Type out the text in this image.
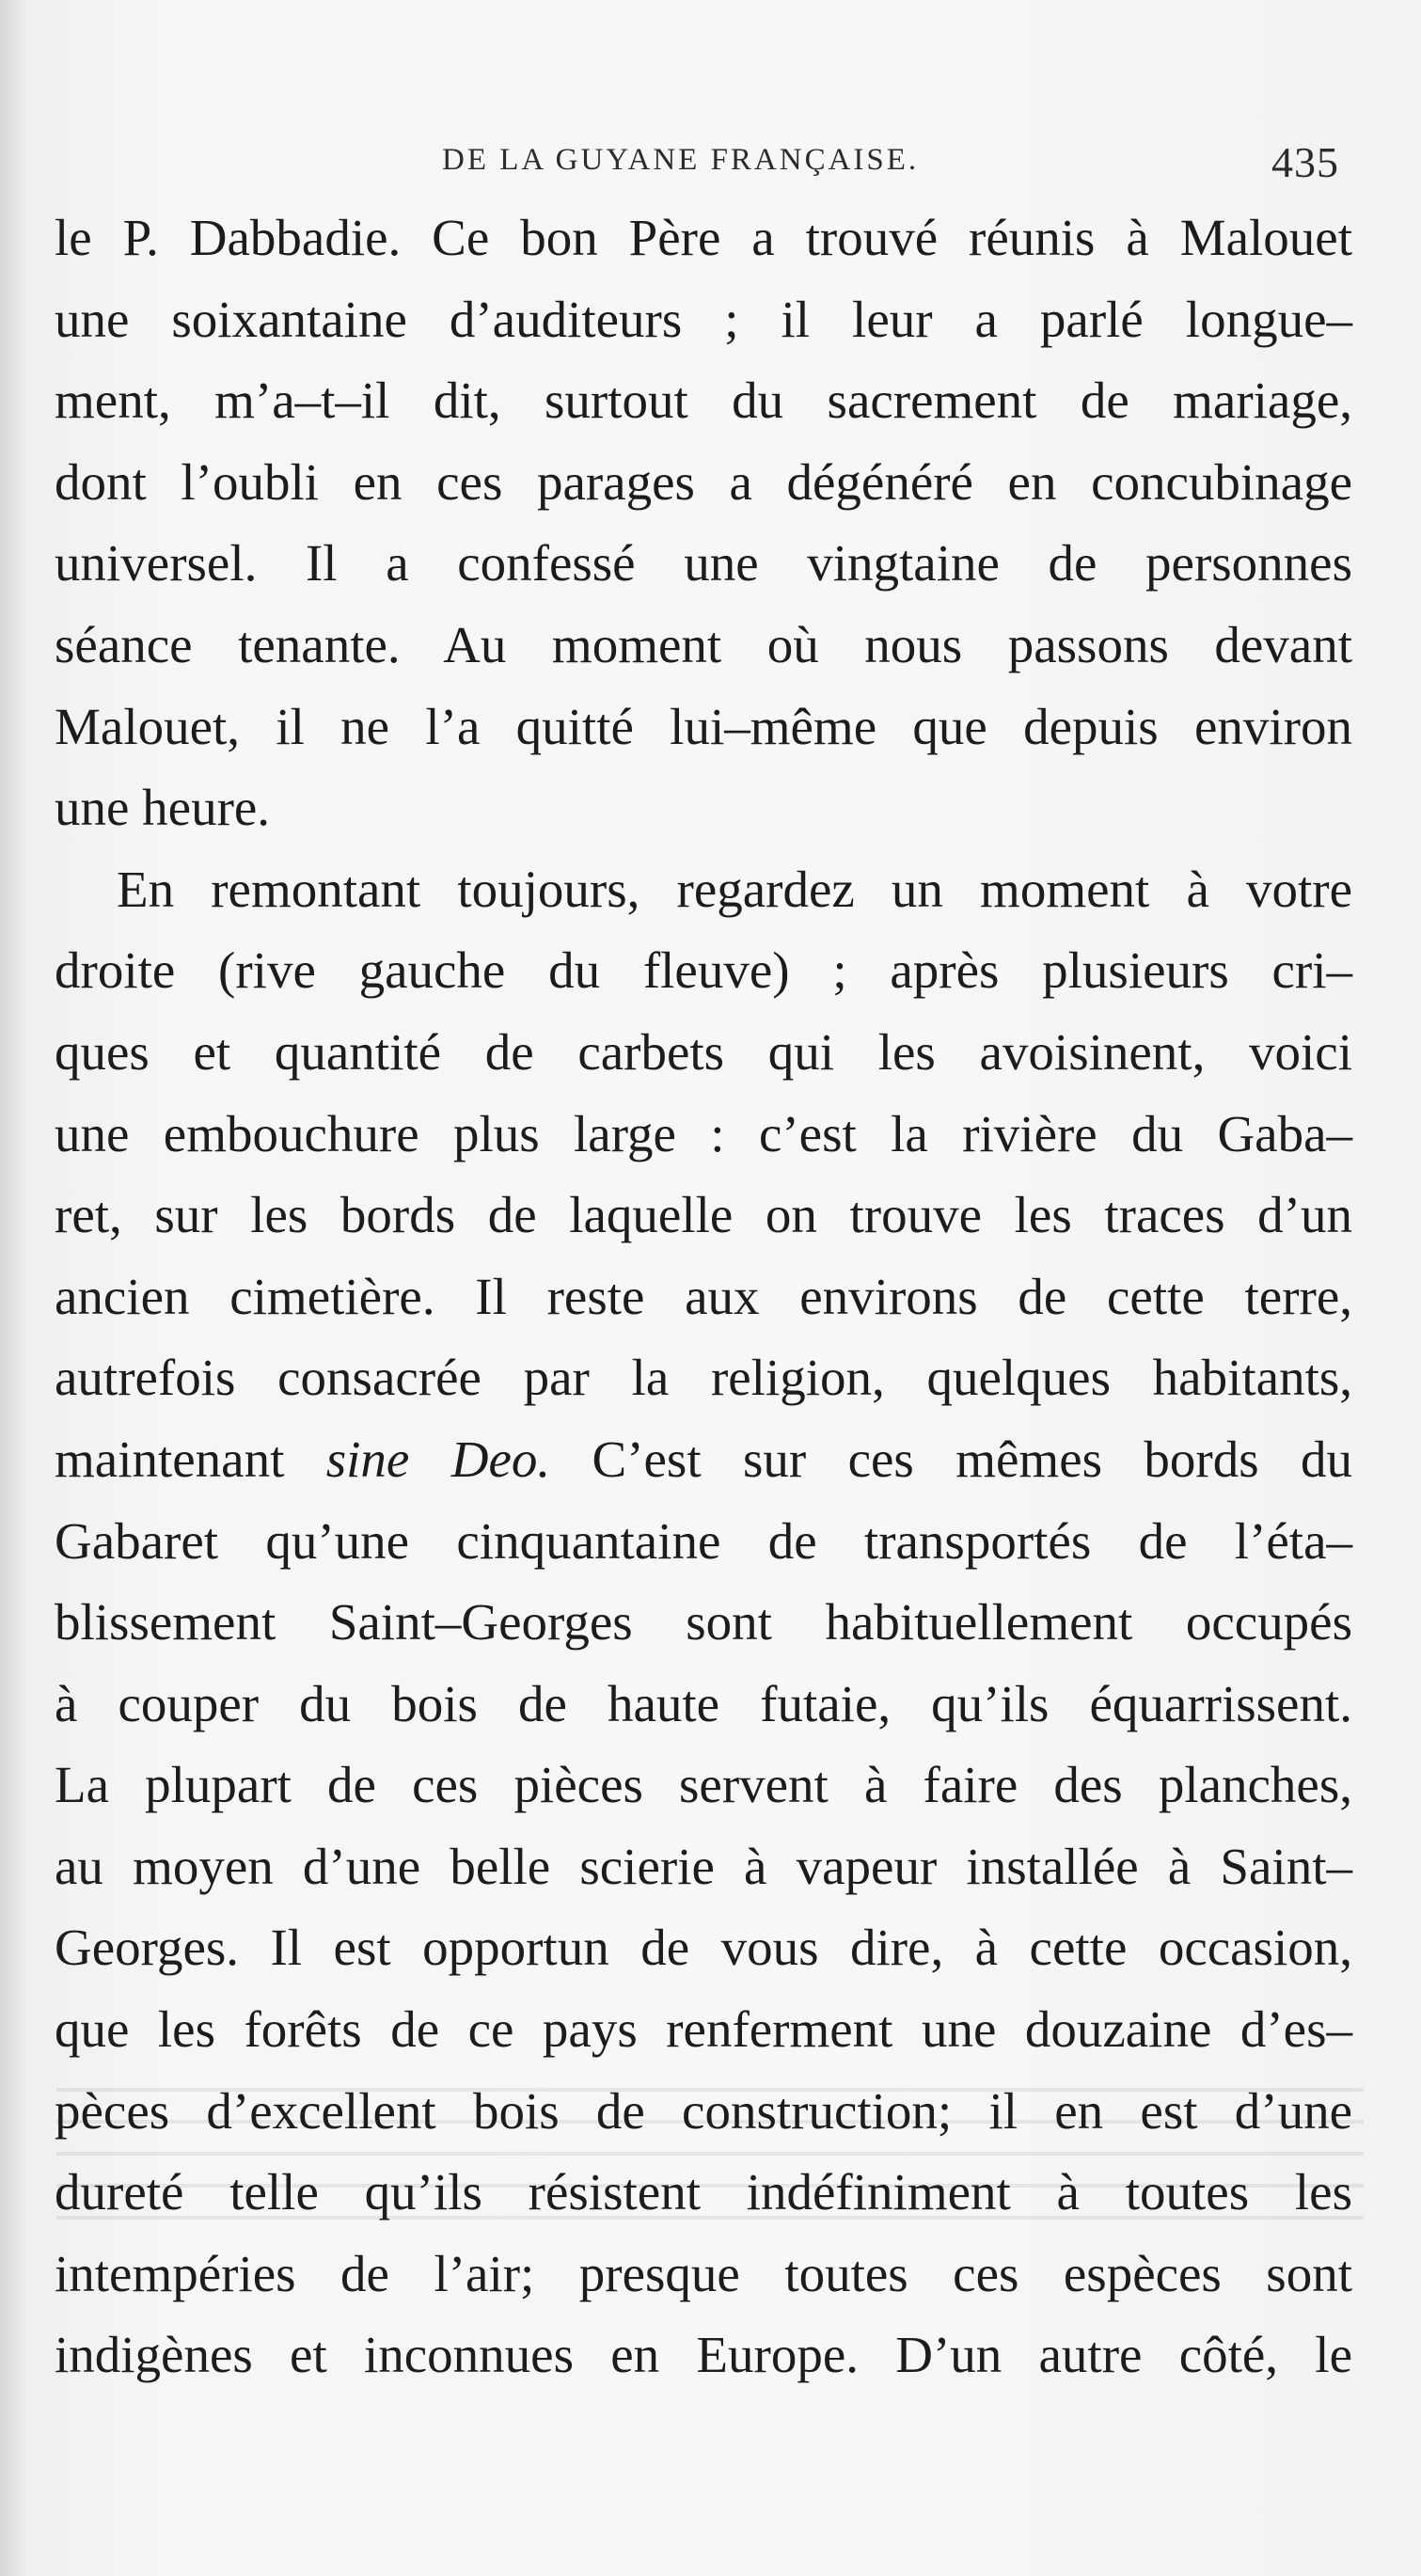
DE LA GUYANE FRANÇAISE.	435
le P. Dabbadie. Ce bon Père a trouvé réunis à Malouet
une soixantaine d’auditeurs ; il leur a parlé longue–
ment, m’a–t–il dit, surtout du sacrement de mariage,
dont l’oubli en ces parages a dégénéré en concubinage
universel. Il a confessé une vingtaine de personnes
séance tenante. Au moment où nous passons devant
Malouet, il ne l’a quitté lui–même que depuis environ
une heure.
En remontant toujours, regardez un moment à votre
droite (rive gauche du fleuve) ; après plusieurs cri–
ques et quantité de carbets qui les avoisinent, voici
une embouchure plus large : c’est la rivière du Gaba–
ret, sur les bords de laquelle on trouve les traces d’un
ancien cimetière. Il reste aux environs de cette terre,
autrefois consacrée par la religion, quelques habitants,
maintenant sine Deo. C’est sur ces mêmes bords du
Gabaret qu’une cinquantaine de transportés de l’éta–
blissement Saint–Georges sont habituellement occupés
à couper du bois de haute futaie, qu’ils équarrissent.
La plupart de ces pièces servent à faire des planches,
au moyen d’une belle scierie à vapeur installée à Saint–
Georges. Il est opportun de vous dire, à cette occasion,
que les forêts de ce pays renferment une douzaine d’es–
pèces d’excellent bois de construction; il en est d’une
dureté telle qu’ils résistent indéfiniment à toutes les
intempéries de l’air; presque toutes ces espèces sont
indigènes et inconnues en Europe. D’un autre côté, le
